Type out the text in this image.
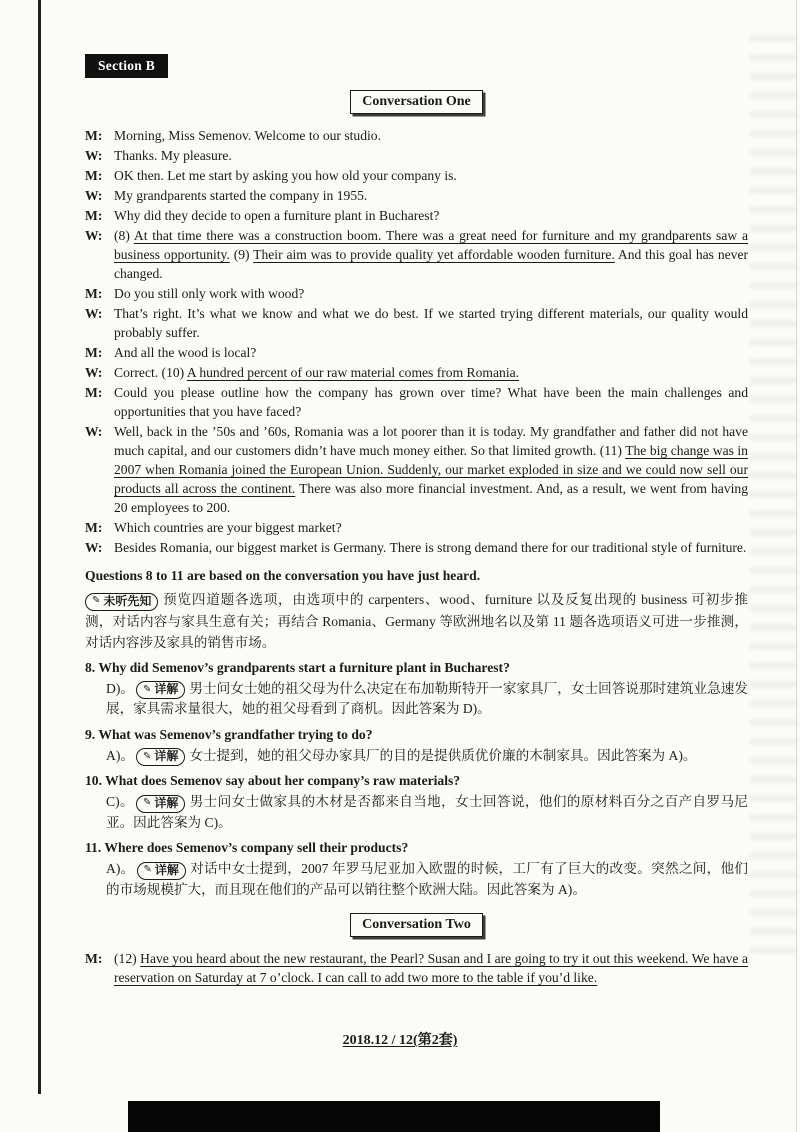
Section B
Conversation One
M: Morning, Miss Semenov. Welcome to our studio.
W: Thanks. My pleasure.
M: OK then. Let me start by asking you how old your company is.
W: My grandparents started the company in 1955.
M: Why did they decide to open a furniture plant in Bucharest?
W: (8) At that time there was a construction boom. There was a great need for furniture and my grandparents saw a business opportunity. (9) Their aim was to provide quality yet affordable wooden furniture. And this goal has never changed.
M: Do you still only work with wood?
W: That’s right. It’s what we know and what we do best. If we started trying different materials, our quality would probably suffer.
M: And all the wood is local?
W: Correct. (10) A hundred percent of our raw material comes from Romania.
M: Could you please outline how the company has grown over time? What have been the main challenges and opportunities that you have faced?
W: Well, back in the ’50s and ’60s, Romania was a lot poorer than it is today. My grandfather and father did not have much capital, and our customers didn’t have much money either. So that limited growth. (11) The big change was in 2007 when Romania joined the European Union. Suddenly, our market exploded in size and we could now sell our products all across the continent. There was also more financial investment. And, as a result, we went from having 20 employees to 200.
M: Which countries are your biggest market?
W: Besides Romania, our biggest market is Germany. There is strong demand there for our traditional style of furniture.
Questions 8 to 11 are based on the conversation you have just heard.
✎ 未听先知 预览四道题各选项，由选项中的 carpenters、wood、furniture 以及反复出现的 business 可初步推测，对话内容与家具生意有关；再结合 Romania、Germany 等欧洲地名以及第 11 题各选项语义可进一步推测，对话内容涉及家具的销售市场。
8. Why did Semenov’s grandparents start a furniture plant in Bucharest?
D)。 ✎ 详解 男士问女士她的祖父母为什么决定在布加勒斯特开一家家具厂，女士回答说那时建筑业急速发展，家具需求量很大，她的祖父母看到了商机。因此答案为 D)。
9. What was Semenov’s grandfather trying to do?
A)。 ✎ 详解 女士提到，她的祖父母办家具厂的目的是提供质优价廉的木制家具。因此答案为 A)。
10. What does Semenov say about her company’s raw materials?
C)。 ✎ 详解 男士问女士做家具的木材是否都来自当地，女士回答说，他们的原材料百分之百产自罗马尼亚。因此答案为 C)。
11. Where does Semenov’s company sell their products?
A)。 ✎ 详解 对话中女士提到，2007 年罗马尼亚加入欧盟的时候，工厂有了巨大的改变。突然之间，他们的市场规模扩大，而且现在他们的产品可以销往整个欧洲大陆。因此答案为 A)。
Conversation Two
M: (12) Have you heard about the new restaurant, the Pearl? Susan and I are going to try it out this weekend. We have a reservation on Saturday at 7 o’clock. I can call to add two more to the table if you’d like.
2018.12 / 12(第2套)
